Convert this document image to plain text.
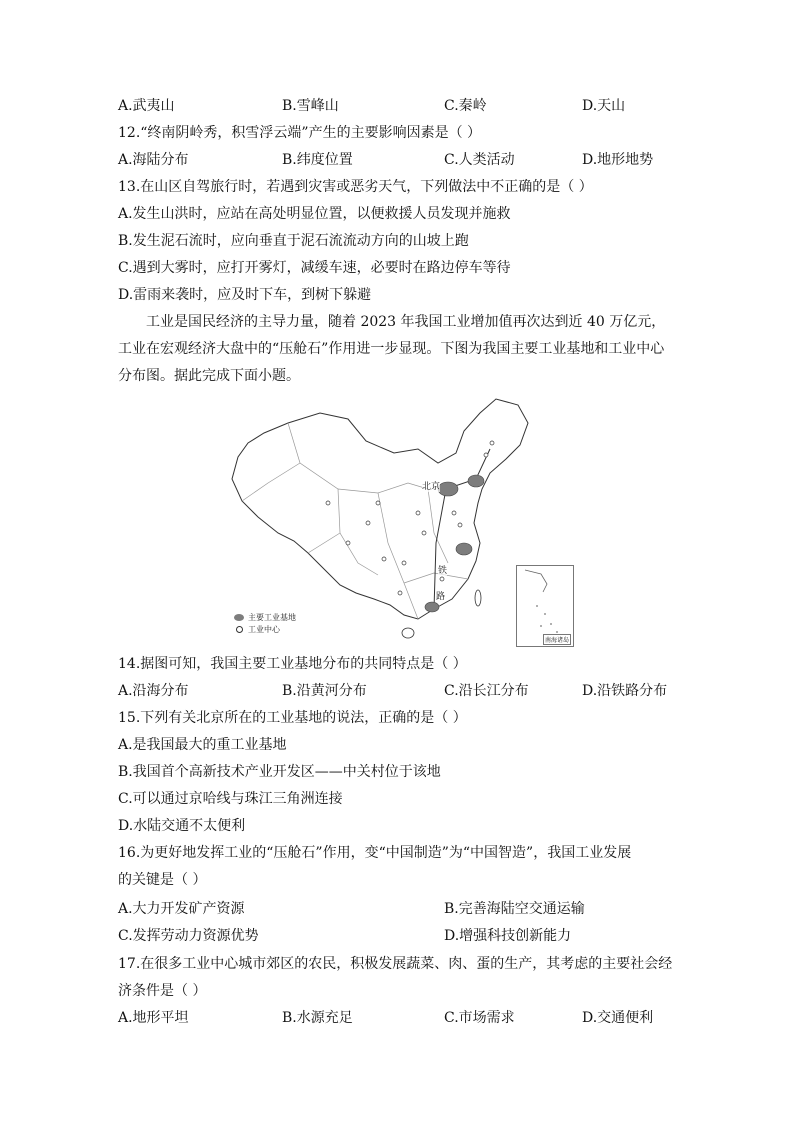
A.武夷山	B.雪峰山	C.秦岭	D.天山
12.“终南阴岭秀，积雪浮云端”产生的主要影响因素是（ ）
A.海陆分布	B.纬度位置	C.人类活动	D.地形地势
13.在山区自驾旅行时，若遇到灾害或恶劣天气，下列做法中不正确的是（ ）
A.发生山洪时，应站在高处明显位置，以便救援人员发现并施救
B.发生泥石流时，应向垂直于泥石流流动方向的山坡上跑
C.遇到大雾时，应打开雾灯，减缓车速，必要时在路边停车等待
D.雷雨来袭时，应及时下车，到树下躲避
工业是国民经济的主导力量，随着 2023 年我国工业增加值再次达到近 40 万亿元，工业在宏观经济大盘中的“压舱石”作用进一步显现。下图为我国主要工业基地和工业中心分布图。据此完成下面小题。
北京
铁
路
南海诸岛
主要工业基地
工业中心
14.据图可知，我国主要工业基地分布的共同特点是（ ）
A.沿海分布	B.沿黄河分布	C.沿长江分布	D.沿铁路分布
15.下列有关北京所在的工业基地的说法，正确的是（ ）
A.是我国最大的重工业基地
B.我国首个高新技术产业开发区——中关村位于该地
C.可以通过京哈线与珠江三角洲连接
D.水陆交通不太便利
16.为更好地发挥工业的“压舱石”作用，变“中国制造”为“中国智造”，我国工业发展
的关键是（ ）
A.大力开发矿产资源	B.完善海陆空交通运输
C.发挥劳动力资源优势	D.增强科技创新能力
17.在很多工业中心城市郊区的农民，积极发展蔬菜、肉、蛋的生产，其考虑的主要社会经
济条件是（ ）
A.地形平坦	B.水源充足	C.市场需求	D.交通便利
